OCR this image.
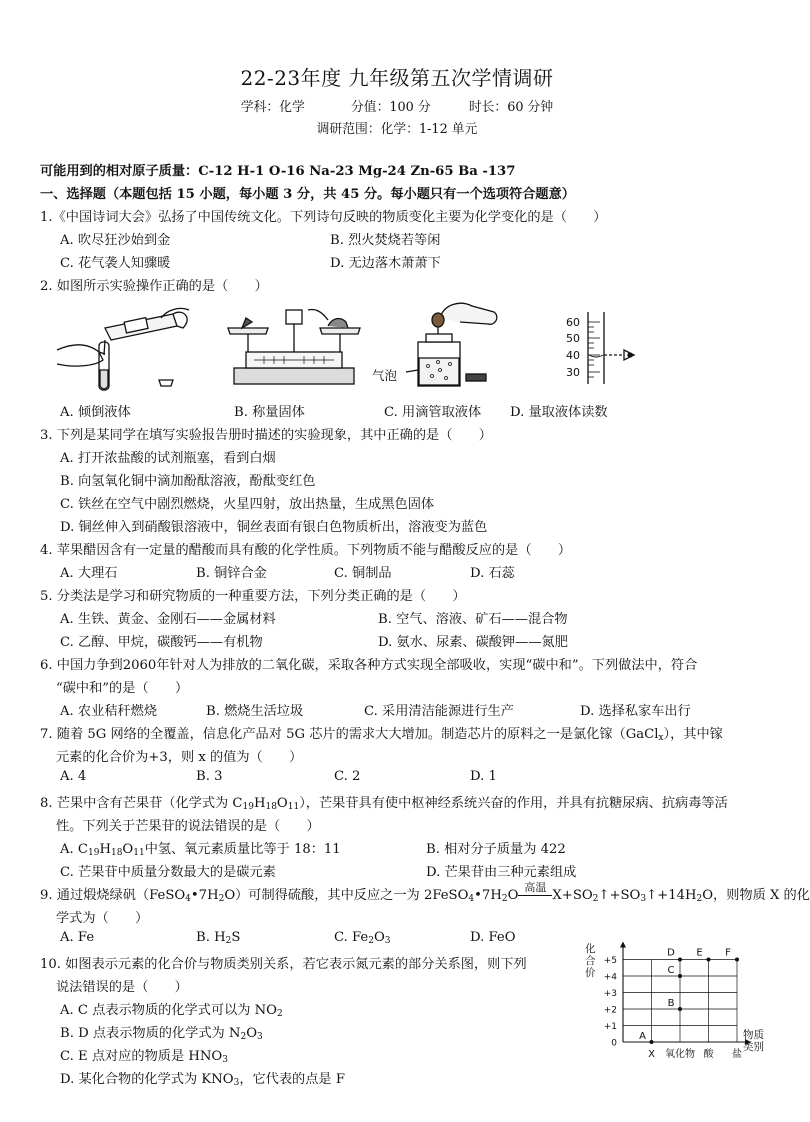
22-23年度 九年级第五次学情调研
学科：化学	分值：100 分	时长：60 分钟
调研范围：化学：1-12 单元
可能用到的相对原子质量：C-12 H-1 O-16 Na-23 Mg-24 Zn-65 Ba -137
一、选择题（本题包括 15 小题，每小题 3 分，共 45 分。每小题只有一个选项符合题意）
1.《中国诗词大会》弘扬了中国传统文化。下列诗句反映的物质变化主要为化学变化的是（　　）
A. 吹尽狂沙始到金	B. 烈火焚烧若等闲
C. 花气袭人知骤暖	D. 无边落木萧萧下
2. 如图所示实验操作正确的是（　　）
气泡
60
50
40
30
A. 倾倒液体	B. 称量固体	C. 用滴管取液体 D. 量取液体读数
3. 下列是某同学在填写实验报告册时描述的实验现象，其中正确的是（　　）
A. 打开浓盐酸的试剂瓶塞，看到白烟
B. 向氢氧化铜中滴加酚酞溶液，酚酞变红色
C. 铁丝在空气中剧烈燃烧，火星四射，放出热量，生成黑色固体
D. 铜丝伸入到硝酸银溶液中，铜丝表面有银白色物质析出，溶液变为蓝色
4. 苹果醋因含有一定量的醋酸而具有酸的化学性质。下列物质不能与醋酸反应的是（　　）
A. 大理石	B. 铜锌合金	C. 铜制品	D. 石蕊
5. 分类法是学习和研究物质的一种重要方法，下列分类正确的是（　　）
A. 生铁、黄金、金刚石——金属材料	B. 空气、溶液、矿石——混合物
C. 乙醇、甲烷，碳酸钙——有机物	D. 氨水、尿素、碳酸钾——氮肥
6. 中国力争到2060年针对人为排放的二氧化碳，采取各种方式实现全部吸收，实现“碳中和”。下列做法中，符合
“碳中和”的是（　　）
A. 农业秸秆燃烧	B. 燃烧生活垃圾	C. 采用清洁能源进行生产	D. 选择私家车出行
7. 随着 5G 网络的全覆盖，信息化产品对 5G 芯片的需求大大增加。制造芯片的原料之一是氯化镓（GaCl$_x$），其中镓
元素的化合价为+3，则 x 的值为（　　）
A. 4	B. 3	C. 2	D. 1
8. 芒果中含有芒果苷（化学式为 $C_{19}H_{18}O_{11}$），芒果苷具有使中枢神经系统兴奋的作用，并具有抗糖尿病、抗病毒等活
性。下列关于芒果苷的说法错误的是（　　）
A. $C_{19}H_{18}O_{11}$中氢、氧元素质量比等于 18：11	B. 相对分子质量为 422
C. 芒果苷中质量分数最大的是碳元素	D. 芒果苷由三种元素组成
9. 通过煅烧绿矾$(FeSO_4•7H_2O)$可制得硫酸，其中反应之一为 $2FeSO_4•7H_2O$高温$X+SO_2↑+SO_3↑+14H_2O$，则物质 X 的化
学式为（　　）
A. Fe	B. $H_2S$	C. $Fe_2O_3$	D. FeO
10. 如图表示元素的化合价与物质类别关系，若它表示氮元素的部分关系图，则下列
说法错误的是（　　）
A. C 点表示物质的化学式可以为 $NO_2$
B. D 点表示物质的化学式为 $N_2O_3$
C. E 点对应的物质是 $HNO_3$
D. 某化合物的化学式为 $KNO_3$，它代表的点是 F
+5
+4
+3
+2
+1
0
化
合
价
物质
类别
X 氧化物 酸 盐
A
B
C
D E F
